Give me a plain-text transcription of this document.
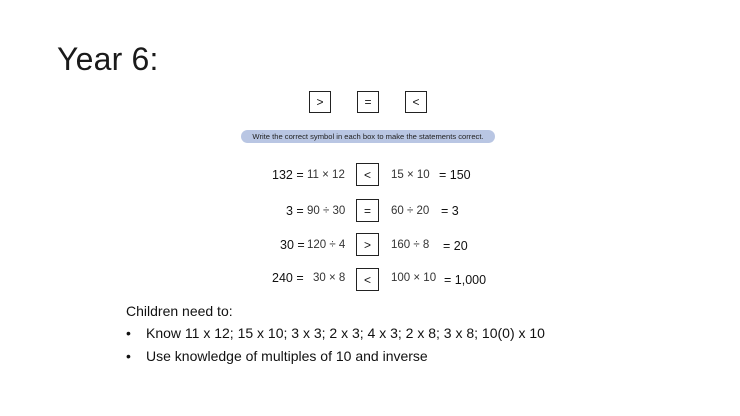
Year 6:
>	=	<
Write the correct symbol in each box to make the statements correct.
132 = 11 × 12	<	15 × 10 = 150
3 = 90 ÷ 30	=	60 ÷ 20 = 3
30 = 120 ÷ 4	>	160 ÷ 8 = 20
240 = 30 × 8	<	100 × 10 = 1,000
Children need to:
• Know 11 x 12; 15 x 10; 3 x 3; 2 x 3; 4 x 3; 2 x 8; 3 x 8; 10(0) x 10
• Use knowledge of multiples of 10 and inverse
